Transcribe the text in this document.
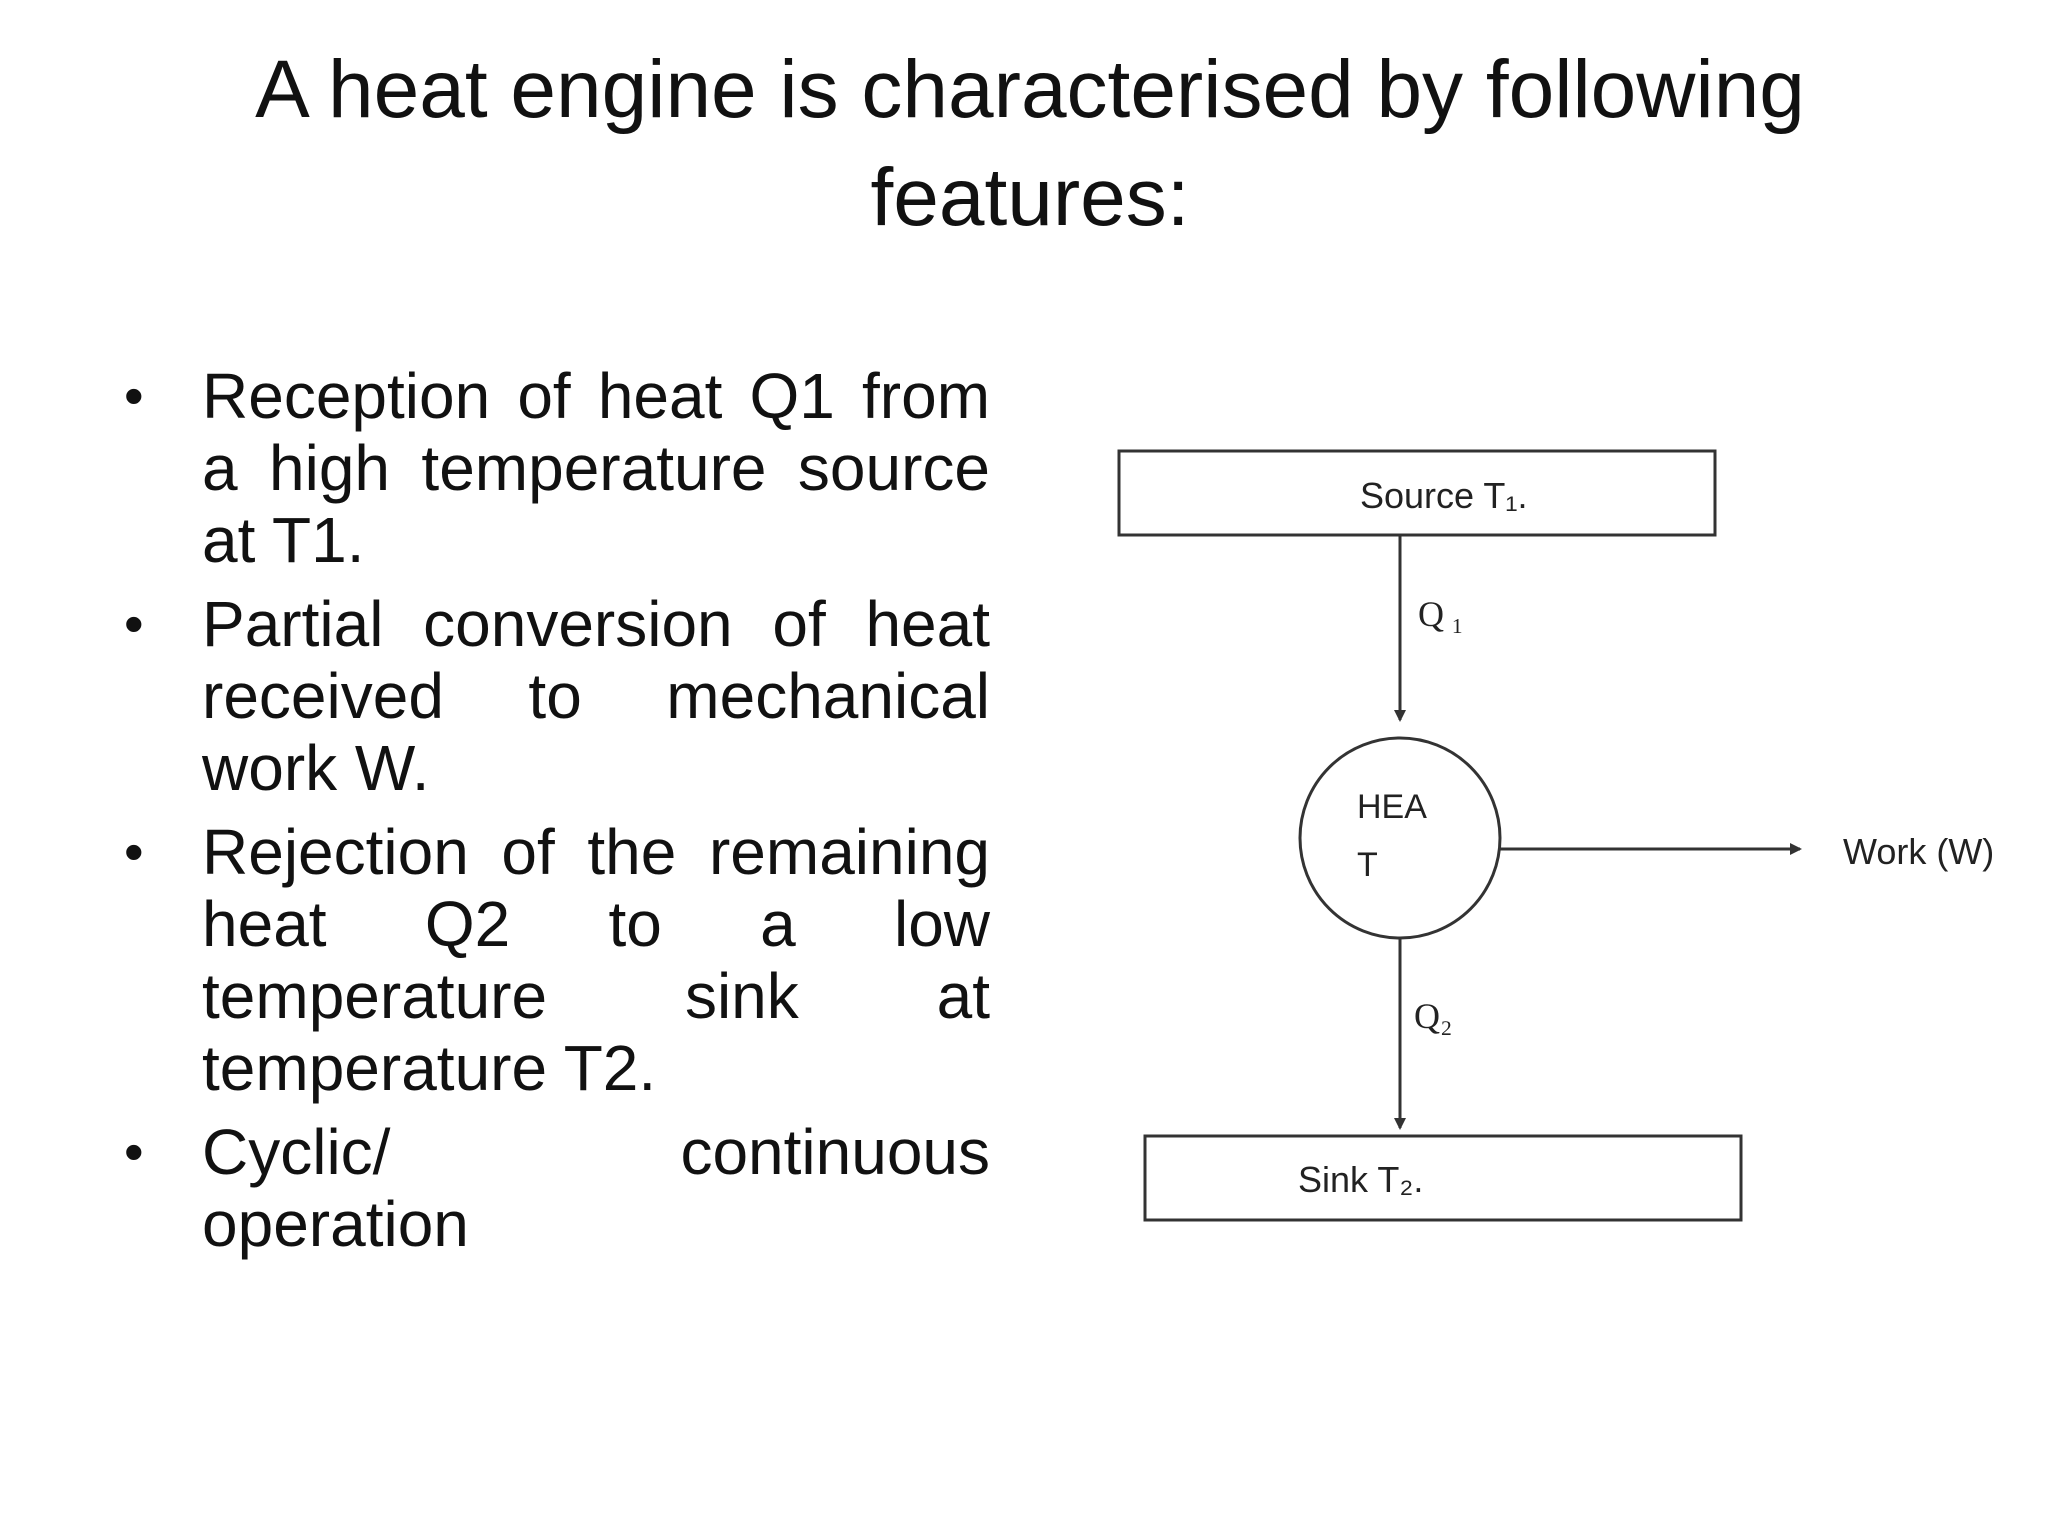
A heat engine is characterised by following features:
• Reception of heat Q1 from a high temperature source at T1.
• Partial conversion of heat received to mechanical work W.
• Rejection of the remaining heat Q2 to a low temperature sink at temperature T2.
• Cyclic/ continuous operation
Source T₁.
Q ₁
HEA
T	Work (W)
Q₂
Sink T₂.
